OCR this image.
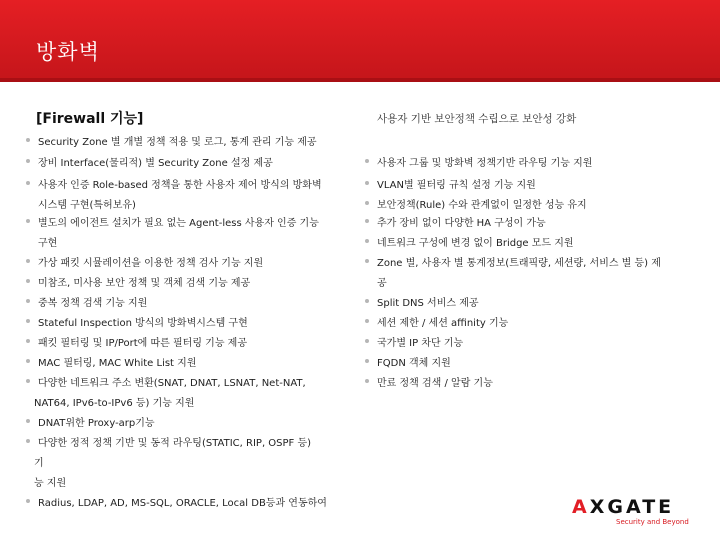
방화벽
[Firewall 기능]	사용자 기반 보안정책 수립으로 보안성 강화
Security Zone 별 개별 정책 적용 및 로그, 통계 관리 기능 제공
장비 Interface(물리적) 별 Security Zone 설정 제공
사용자 인증 Role-based 정책을 통한 사용자 제어 방식의 방화벽
시스템 구현(특허보유)
별도의 에이전트 설치가 필요 없는 Agent-less 사용자 인증 기능
구현
가상 패킷 시뮬레이션을 이용한 정책 검사 기능 지원
미참조, 미사용 보안 정책 및 객체 검색 기능 제공
중복 정책 검색 기능 지원
Stateful Inspection 방식의 방화벽시스템 구현
패킷 필터링 및 IP/Port에 따른 필터링 기능 제공
MAC 필터링, MAC White List 지원
다양한 네트워크 주소 변환(SNAT, DNAT, LSNAT, Net-NAT,
NAT64, IPv6-to-IPv6 등) 기능 지원
DNAT위한 Proxy-arp기능
다양한 정적 정책 기반 및 동적 라우팅(STATIC, RIP, OSPF 등)
기
능 지원
Radius, LDAP, AD, MS-SQL, ORACLE, Local DB등과 연동하여
사용자 그룹 및 방화벽 정책기반 라우팅 기능 지원
VLAN별 필터링 규칙 설정 기능 지원
보안정책(Rule) 수와 관계없이 일정한 성능 유지
추가 장비 없이 다양한 HA 구성이 가능
네트워크 구성에 변경 없이 Bridge 모드 지원
Zone 별, 사용자 별 통계정보(트래픽량, 세션량, 서비스 별 등) 제
공
Split DNS 서비스 제공
세션 제한 / 세션 affinity 기능
국가별 IP 차단 기능
FQDN 객체 지원
만료 정책 검색 / 알람 기능
AXGATE
Security and Beyond
